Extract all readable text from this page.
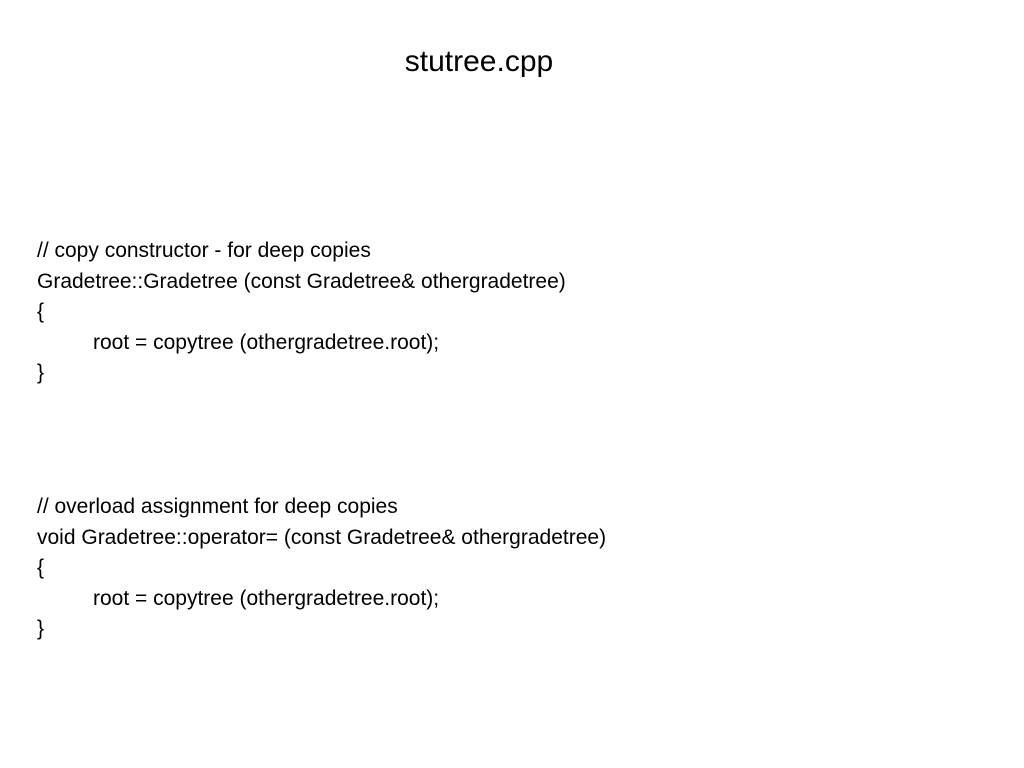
stutree.cpp
// copy constructor - for deep copies
Gradetree::Gradetree (const Gradetree& othergradetree)
{
root = copytree (othergradetree.root);
}
// overload assignment for deep copies
void Gradetree::operator= (const Gradetree& othergradetree)
{
root = copytree (othergradetree.root);
}
